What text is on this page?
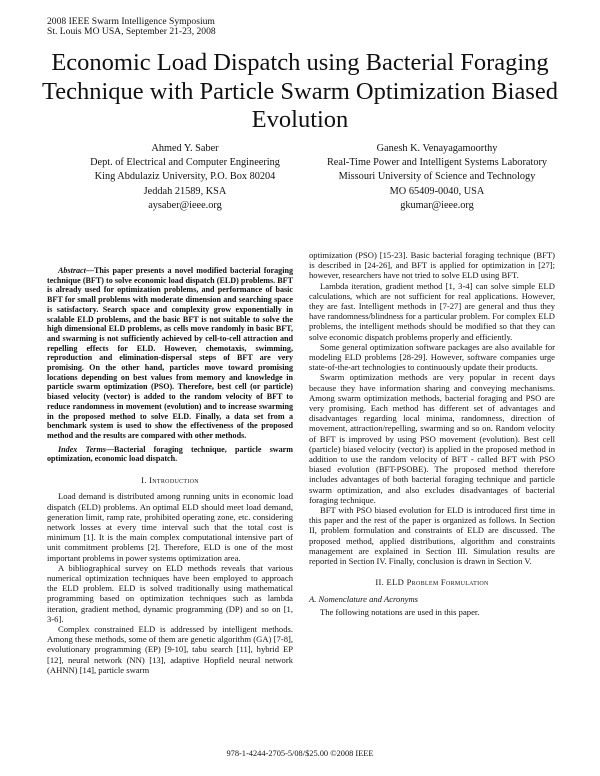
2008 IEEE Swarm Intelligence Symposium
St. Louis MO USA, September 21-23, 2008
Economic Load Dispatch using Bacterial Foraging Technique with Particle Swarm Optimization Biased Evolution
Ahmed Y. Saber
Dept. of Electrical and Computer Engineering
King Abdulaziz University, P.O. Box 80204
Jeddah 21589, KSA
aysaber@ieee.org
Ganesh K. Venayagamoorthy
Real-Time Power and Intelligent Systems Laboratory
Missouri University of Science and Technology
MO 65409-0040, USA
gkumar@ieee.org

Abstract—This paper presents a novel modified bacterial foraging technique (BFT) to solve economic load dispatch (ELD) problems. BFT is already used for optimization problems, and performance of basic BFT for small problems with moderate dimension and searching space is satisfactory. Search space and complexity grow exponentially in scalable ELD problems, and the basic BFT is not suitable to solve the high dimensional ELD problems, as cells move randomly in basic BFT, and swarming is not sufficiently achieved by cell-to-cell attraction and repelling effects for ELD. However, chemotaxis, swimming, reproduction and elimination-dispersal steps of BFT are very promising. On the other hand, particles move toward promising locations depending on best values from memory and knowledge in particle swarm optimization (PSO). Therefore, best cell (or particle) biased velocity (vector) is added to the random velocity of BFT to reduce randomness in movement (evolution) and to increase swarming in the proposed method to solve ELD. Finally, a data set from a benchmark system is used to show the effectiveness of the proposed method and the results are compared with other methods.

Index Terms—Bacterial foraging technique, particle swarm optimization, economic load dispatch.

I. Introduction

Load demand is distributed among running units in economic load dispatch (ELD) problems. An optimal ELD should meet load demand, generation limit, ramp rate, prohibited operating zone, etc. considering network losses at every time interval such that the total cost is minimum [1]. It is the main complex computational intensive part of unit commitment problems [2]. Therefore, ELD is one of the most important problems in power systems optimization area.

A bibliographical survey on ELD methods reveals that various numerical optimization techniques have been employed to approach the ELD problem. ELD is solved traditionally using mathematical programming based on optimization techniques such as lambda iteration, gradient method, dynamic programming (DP) and so on [1, 3-6].

Complex constrained ELD is addressed by intelligent methods. Among these methods, some of them are genetic algorithm (GA) [7-8], evolutionary programming (EP) [9-10], tabu search [11], hybrid EP [12], neural network (NN) [13], adaptive Hopfield neural network (AHNN) [14], particle swarm

optimization (PSO) [15-23]. Basic bacterial foraging technique (BFT) is described in [24-26], and BFT is applied for optimization in [27]; however, researchers have not tried to solve ELD using BFT.

Lambda iteration, gradient method [1, 3-4] can solve simple ELD calculations, which are not sufficient for real applications. However, they are fast. Intelligent methods in [7-27] are general and thus they have randomness/blindness for a particular problem. For complex ELD problems, the intelligent methods should be modified so that they can solve economic dispatch problems properly and efficiently.

Some general optimization software packages are also available for modeling ELD problems [28-29]. However, software companies urge state-of-the-art technologies to continuously update their products.

Swarm optimization methods are very popular in recent days because they have information sharing and conveying mechanisms. Among swarm optimization methods, bacterial foraging and PSO are very promising. Each method has different set of advantages and disadvantages regarding local minima, randomness, direction of movement, attraction/repelling, swarming and so on. Random velocity of BFT is improved by using PSO movement (evolution). Best cell (particle) biased velocity (vector) is applied in the proposed method in addition to use the random velocity of BFT - called BFT with PSO biased evolution (BFT-PSOBE). The proposed method therefore includes advantages of both bacterial foraging technique and particle swarm optimization, and also excludes disadvantages of bacterial foraging technique.

BFT with PSO biased evolution for ELD is introduced first time in this paper and the rest of the paper is organized as follows. In Section II, problem formulation and constraints of ELD are discussed. The proposed method, applied distributions, algorithm and constraints management are explained in Section III. Simulation results are reported in Section IV. Finally, conclusion is drawn in Section V.

II. ELD Problem Formulation

A. Nomenclature and Acronyms

The following notations are used in this paper.

978-1-4244-2705-5/08/$25.00 ©2008 IEEE
